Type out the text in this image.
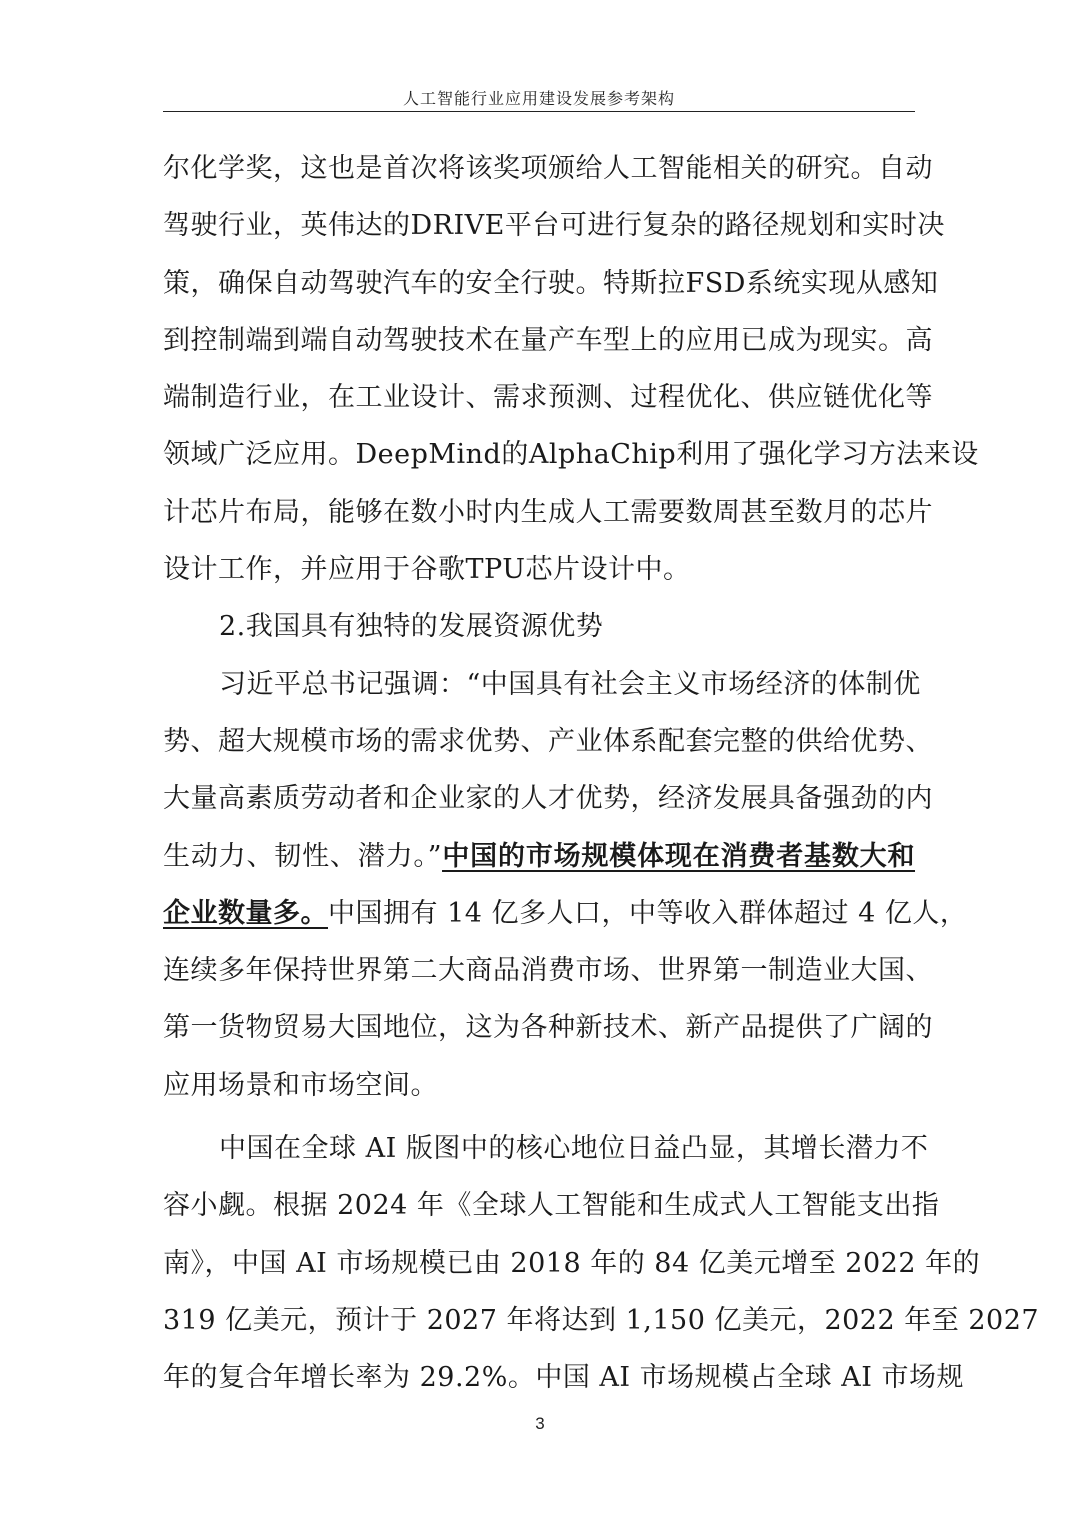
人工智能行业应用建设发展参考架构
尔化学奖，这也是首次将该奖项颁给人工智能相关的研究。自动
驾驶行业，英伟达的DRIVE平台可进行复杂的路径规划和实时决
策，确保自动驾驶汽车的安全行驶。特斯拉FSD系统实现从感知
到控制端到端自动驾驶技术在量产车型上的应用已成为现实。高
端制造行业，在工业设计、需求预测、过程优化、供应链优化等
领域广泛应用。DeepMind的AlphaChip利用了强化学习方法来设
计芯片布局，能够在数小时内生成人工需要数周甚至数月的芯片
设计工作，并应用于谷歌TPU芯片设计中。
2.我国具有独特的发展资源优势
习近平总书记强调：“中国具有社会主义市场经济的体制优
势、超大规模市场的需求优势、产业体系配套完整的供给优势、
大量高素质劳动者和企业家的人才优势，经济发展具备强劲的内
生动力、韧性、潜力。”中国的市场规模体现在消费者基数大和
企业数量多。中国拥有 14 亿多人口，中等收入群体超过 4 亿人，
连续多年保持世界第二大商品消费市场、世界第一制造业大国、
第一货物贸易大国地位，这为各种新技术、新产品提供了广阔的
应用场景和市场空间。
中国在全球 AI 版图中的核心地位日益凸显，其增长潜力不
容小觑。根据 2024 年《全球人工智能和生成式人工智能支出指
南》，中国 AI 市场规模已由 2018 年的 84 亿美元增至 2022 年的
319 亿美元，预计于 2027 年将达到 1,150 亿美元，2022 年至 2027
年的复合年增长率为 29.2%。中国 AI 市场规模占全球 AI 市场规
3
